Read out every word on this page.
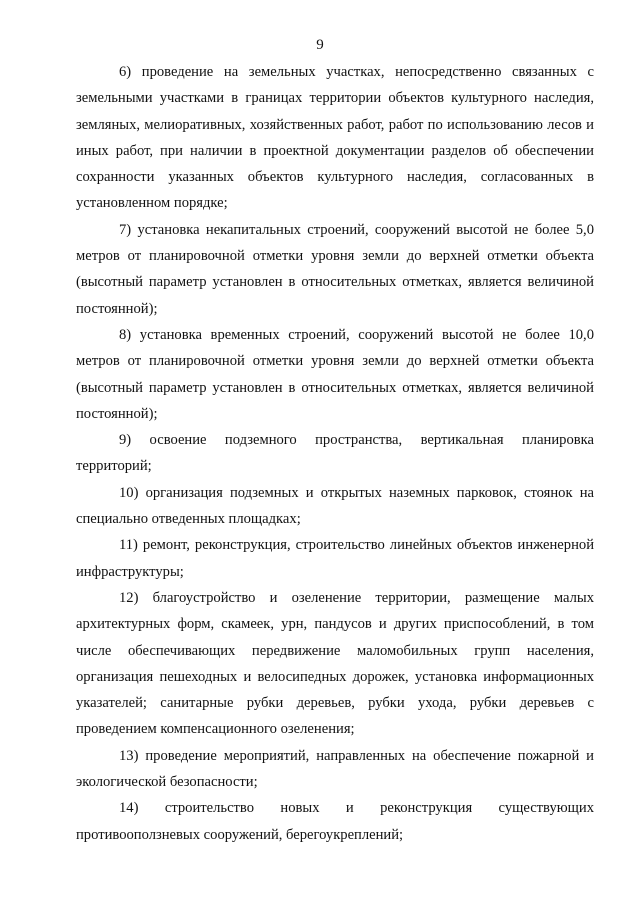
9

6) проведение на земельных участках, непосредственно связанных с земельными участками в границах территории объектов культурного наследия, земляных, мелиоративных, хозяйственных работ, работ по использованию лесов и иных работ, при наличии в проектной документации разделов об обеспечении сохранности указанных объектов культурного наследия, согласованных в установленном порядке;

7) установка некапитальных строений, сооружений высотой не более 5,0 метров от планировочной отметки уровня земли до верхней отметки объекта (высотный параметр установлен в относительных отметках, является величиной постоянной);

8) установка временных строений, сооружений высотой не более 10,0 метров от планировочной отметки уровня земли до верхней отметки объекта (высотный параметр установлен в относительных отметках, является величиной постоянной);

9) освоение подземного пространства, вертикальная планировка территорий;

10) организация подземных и открытых наземных парковок, стоянок на специально отведенных площадках;

11) ремонт, реконструкция, строительство линейных объектов инженерной инфраструктуры;

12) благоустройство и озеленение территории, размещение малых архитектурных форм, скамеек, урн, пандусов и других приспособлений, в том числе обеспечивающих передвижение маломобильных групп населения, организация пешеходных и велосипедных дорожек, установка информационных указателей; санитарные рубки деревьев, рубки ухода, рубки деревьев с проведением компенсационного озеленения;

13) проведение мероприятий, направленных на обеспечение пожарной и экологической безопасности;

14) строительство новых и реконструкция существующих противооползневых сооружений, берегоукреплений;
